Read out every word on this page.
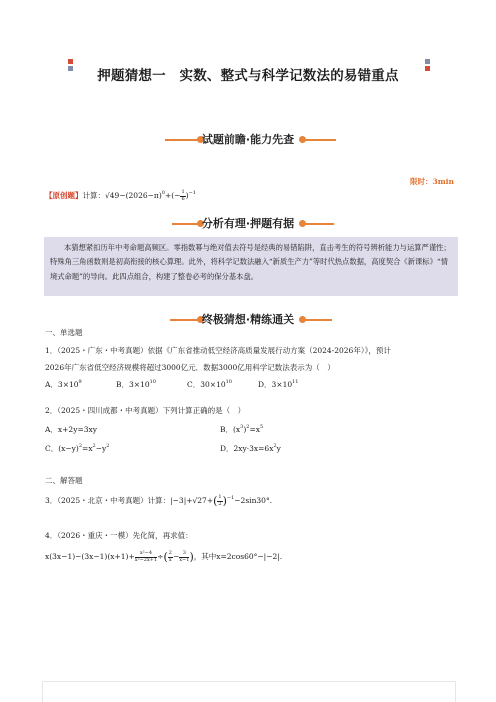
押题猜想一　实数、整式与科学记数法的易错重点
试题前瞻·能力先查
限时：3min
【原创题】计算：$√49-(2026-\pi)^0+(- \frac{1}{6} )^{-1}$
分析有理·押题有据

本猜想紧扣历年中考命题高频区。零指数幂与绝对值去符号是经典的易错陷阱，直击考生的符号辨析能力与运算严谨性；特殊角三角函数则是初高衔接的核心算理。此外，将科学记数法融入“新质生产力”等时代热点数据，高度契合《新课标》“情境式命题”的导向。此四点组合，构建了整卷必考的保分基本盘。

终极猜想·精练通关
一、单选题
1．（2025・广东・中考真题）依据《广东省推动低空经济高质量发展行动方案（2024-2026年）》，预计
2026年广东省低空经济规模将超过3000亿元．数据3000亿用科学记数法表示为（　）
A．$3\times 10^9$	B．$3\times 10^{10}$	C．$30\times 10^{10}$	D．$3\times 10^{11}$
2．（2025・四川成都・中考真题）下列计算正确的是（　）
A．x+2y=3xy	B．$(x^3)^2=x^5$
C．$(x-y)^2=x^2-y^2$	D．$2xy\cdot 3x=6x^2y$
二、解答题
3．（2025・北京・中考真题）计算：$|-3|+√27+( \frac{1}{2} )^{-1}-2\sin 30^\circ$.
4．（2026・重庆・一模）先化简，再求值：
$x(3x-1)-(3x-1)(x+1)+ \frac{\text{x²−4}}{\text{x²−2x+1}}$ ÷( $\frac{2}{x} - \frac{3}{x-1}$ )，其中x=2cos60°−|−2|.
